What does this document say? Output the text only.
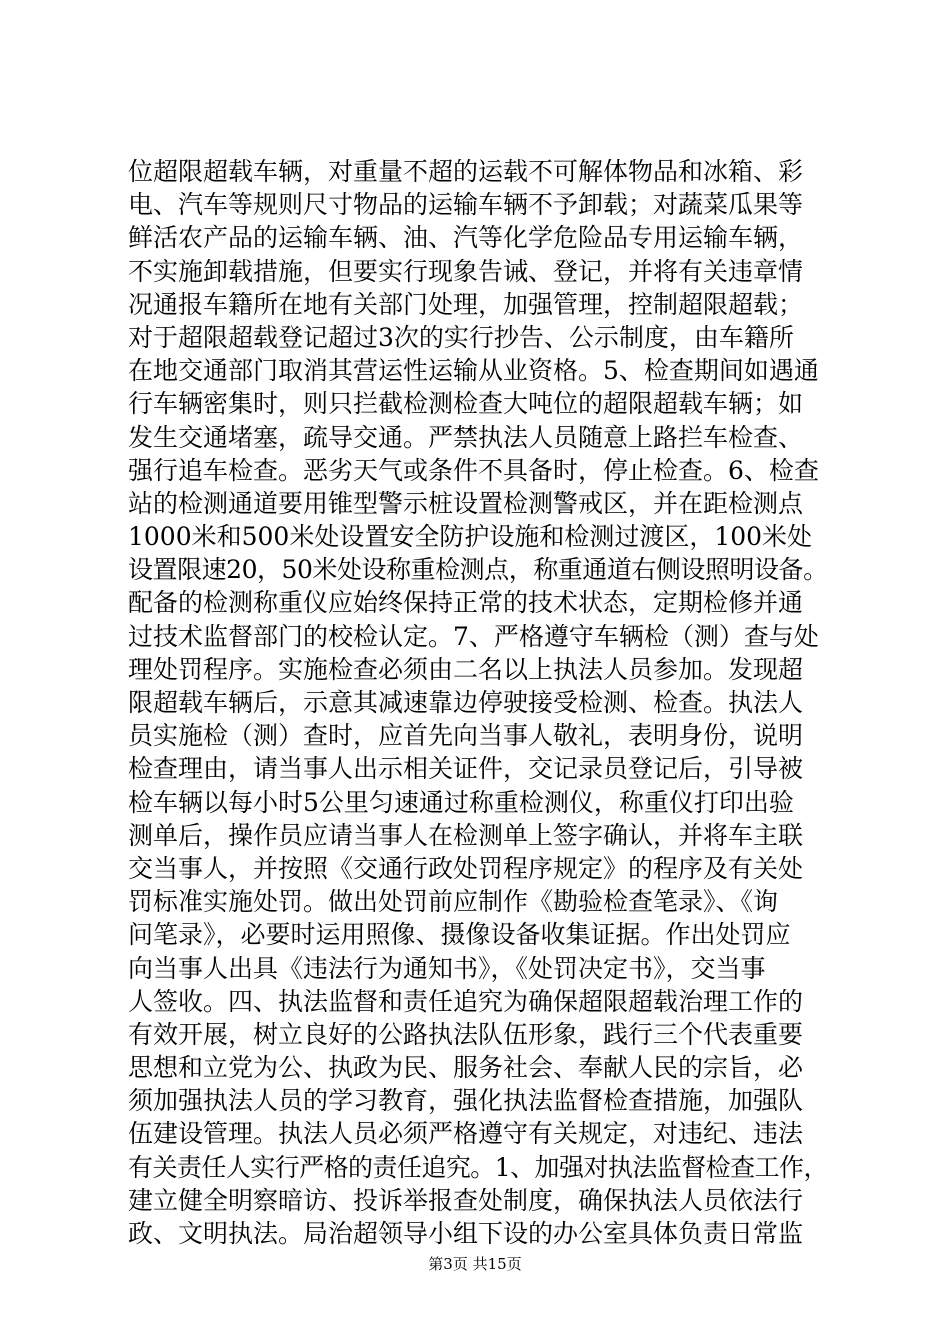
位超限超载车辆，对重量不超的运载不可解体物品和冰箱、彩
电、汽车等规则尺寸物品的运输车辆不予卸载；对蔬菜瓜果等
鲜活农产品的运输车辆、油、汽等化学危险品专用运输车辆，
不实施卸载措施，但要实行现象告诫、登记，并将有关违章情
况通报车籍所在地有关部门处理，加强管理，控制超限超载；
对于超限超载登记超过3次的实行抄告、公示制度，由车籍所
在地交通部门取消其营运性运输从业资格。5、检查期间如遇通
行车辆密集时，则只拦截检测检查大吨位的超限超载车辆；如
发生交通堵塞，疏导交通。严禁执法人员随意上路拦车检查、
强行追车检查。恶劣天气或条件不具备时，停止检查。6、检查
站的检测通道要用锥型警示桩设置检测警戒区，并在距检测点
1000米和500米处设置安全防护设施和检测过渡区，100米处
设置限速20，50米处设称重检测点，称重通道右侧设照明设备。
配备的检测称重仪应始终保持正常的技术状态，定期检修并通
过技术监督部门的校检认定。7、严格遵守车辆检（测）查与处
理处罚程序。实施检查必须由二名以上执法人员参加。发现超
限超载车辆后，示意其减速靠边停驶接受检测、检查。执法人
员实施检（测）查时，应首先向当事人敬礼，表明身份，说明
检查理由，请当事人出示相关证件，交记录员登记后，引导被
检车辆以每小时5公里匀速通过称重检测仪，称重仪打印出验
测单后，操作员应请当事人在检测单上签字确认，并将车主联
交当事人，并按照《交通行政处罚程序规定》的程序及有关处
罚标准实施处罚。做出处罚前应制作《勘验检查笔录》、《询
问笔录》，必要时运用照像、摄像设备收集证据。作出处罚应
向当事人出具《违法行为通知书》，《处罚决定书》，交当事
人签收。四、执法监督和责任追究为确保超限超载治理工作的
有效开展，树立良好的公路执法队伍形象，践行三个代表重要
思想和立党为公、执政为民、服务社会、奉献人民的宗旨，必
须加强执法人员的学习教育，强化执法监督检查措施，加强队
伍建设管理。执法人员必须严格遵守有关规定，对违纪、违法
有关责任人实行严格的责任追究。1、加强对执法监督检查工作，
建立健全明察暗访、投诉举报查处制度，确保执法人员依法行
政、文明执法。局治超领导小组下设的办公室具体负责日常监
第3页 共15页
